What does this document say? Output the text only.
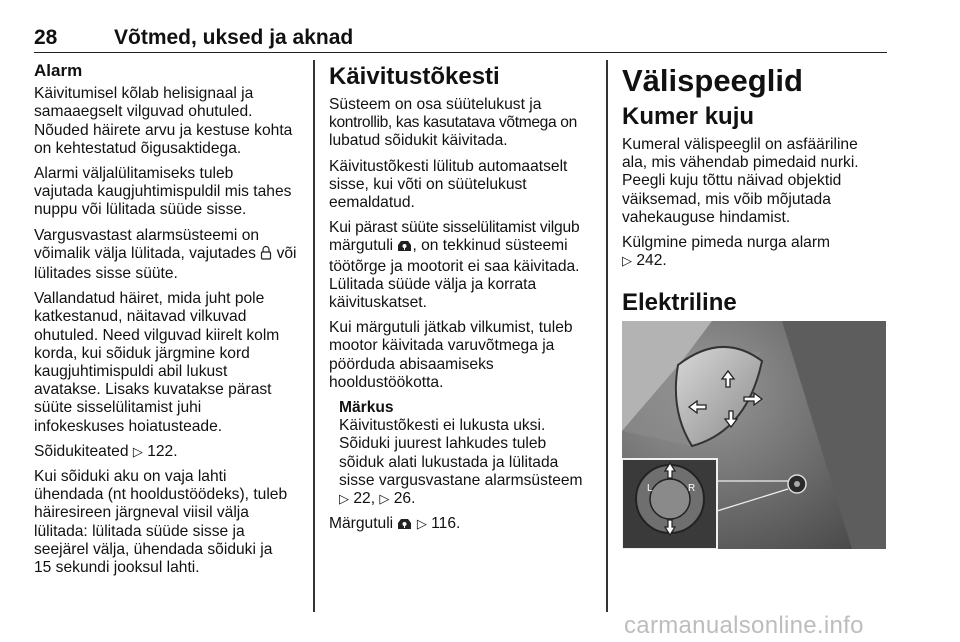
28	Võtmed, uksed ja aknad
Alarm

Käivitumisel kõlab helisignaal ja
samaaegselt vilguvad ohutuled.
Nõuded häirete arvu ja kestuse kohta
on kehtestatud õigusaktidega.

Alarmi väljalülitamiseks tuleb
vajutada kaugjuhtimispuldil mis tahes
nuppu või lülitada süüde sisse.

Vargusvastast alarmsüsteemi on
võimalik välja lülitada, vajutades  või
lülitades sisse süüte.

Vallandatud häiret, mida juht pole
katkestanud, näitavad vilkuvad
ohutuled. Need vilguvad kiirelt kolm
korda, kui sõiduk järgmine kord
kaugjuhtimispuldi abil lukust
avatakse. Lisaks kuvatakse pärast
süüte sisselülitamist juhi
infokeskuses hoiatusteade.

Sõidukiteated ▷ 122.

Kui sõiduki aku on vaja lahti
ühendada (nt hooldustöödeks), tuleb
häiresireen järgneval viisil välja
lülitada: lülitada süüde sisse ja
seejärel välja, ühendada sõiduki ja
15 sekundi jooksul lahti.

Käivitustõkesti

Süsteem on osa süütelukust ja
kontrollib, kas kasutatava võtmega on
lubatud sõidukit käivitada.

Käivitustõkesti lülitub automaatselt
sisse, kui võti on süütelukust
eemaldatud.

Kui pärast süüte sisselülitamist vilgub
märgutuli , on tekkinud süsteemi
töötõrge ja mootorit ei saa käivitada.
Lülitada süüde välja ja korrata
käivituskatset.

Kui märgutuli jätkab vilkumist, tuleb
mootor käivitada varuvõtmega ja
pöörduda abisaamiseks
hooldustöökotta.

Märkus

Käivitustõkesti ei lukusta uksi.
Sõiduki juurest lahkudes tuleb
sõiduk alati lukustada ja lülitada
sisse vargusvastane alarmsüsteem
▷ 22, ▷ 26.

Märgutuli  ▷ 116.

Välispeeglid
Kumer kuju

Kumeral välispeeglil on asfääriline
ala, mis vähendab pimedaid nurki.
Peegli kuju tõttu näivad objektid
väiksemad, mis võib mõjutada
vahekauguse hindamist.

Külgmine pimeda nurga alarm
▷ 242.

Elektriline
L	R
carmanualsonline.info
